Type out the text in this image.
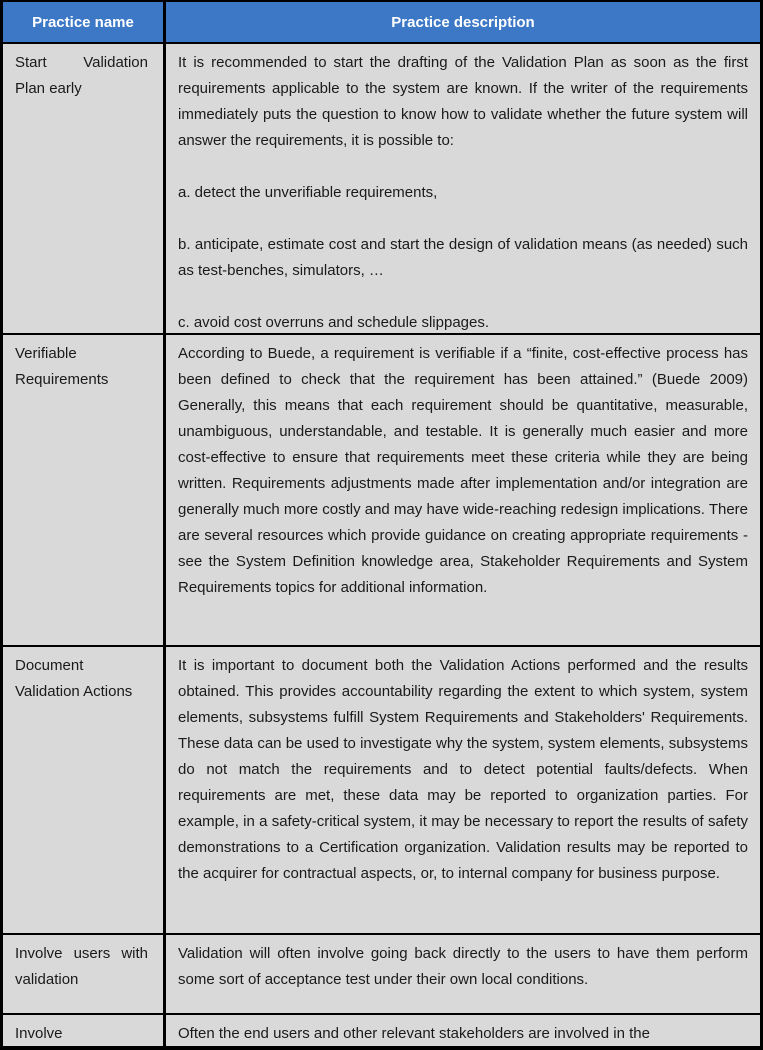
Practice name	Practice description

Start Validation Plan early

It is recommended to start the drafting of the Validation Plan as soon as the first requirements applicable to the system are known. If the writer of the requirements immediately puts the question to know how to validate whether the future system will answer the requirements, it is possible to:

a. detect the unverifiable requirements,

b. anticipate, estimate cost and start the design of validation means (as needed) such as test-benches, simulators, …

c. avoid cost overruns and schedule slippages.

Verifiable Requirements

According to Buede, a requirement is verifiable if a “finite, cost-effective process has been defined to check that the requirement has been attained.” (Buede 2009) Generally, this means that each requirement should be quantitative, measurable, unambiguous, understandable, and testable. It is generally much easier and more cost-effective to ensure that requirements meet these criteria while they are being written. Requirements adjustments made after implementation and/or integration are generally much more costly and may have wide-reaching redesign implications. There are several resources which provide guidance on creating appropriate requirements - see the System Definition knowledge area, Stakeholder Requirements and System Requirements topics for additional information.

Document Validation Actions

It is important to document both the Validation Actions performed and the results obtained. This provides accountability regarding the extent to which system, system elements, subsystems fulfill System Requirements and Stakeholders' Requirements. These data can be used to investigate why the system, system elements, subsystems do not match the requirements and to detect potential faults/defects. When requirements are met, these data may be reported to organization parties. For example, in a safety-critical system, it may be necessary to report the results of safety demonstrations to a Certification organization. Validation results may be reported to the acquirer for contractual aspects, or, to internal company for business purpose.

Involve users with validation

Validation will often involve going back directly to the users to have them perform some sort of acceptance test under their own local conditions.

Involve	Often the end users and other relevant stakeholders are involved in the
